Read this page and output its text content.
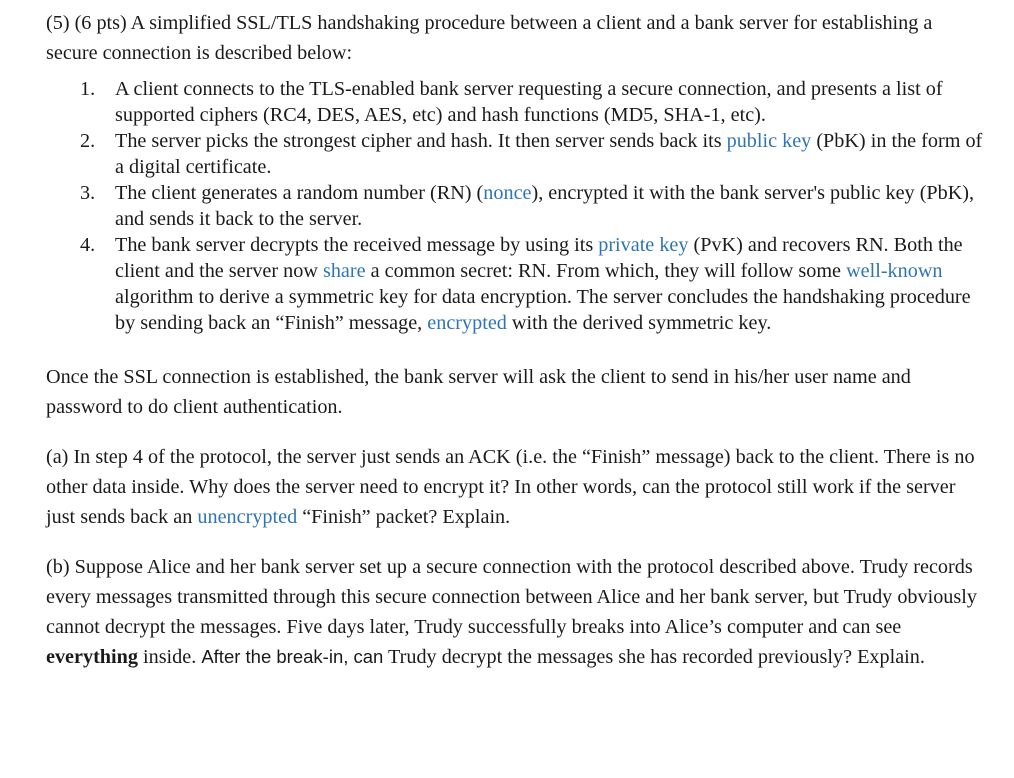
(5) (6 pts) A simplified SSL/TLS handshaking procedure between a client and a bank server for establishing a secure connection is described below:

1. A client connects to the TLS-enabled bank server requesting a secure connection, and presents a list of supported ciphers (RC4, DES, AES, etc) and hash functions (MD5, SHA-1, etc).
2. The server picks the strongest cipher and hash. It then server sends back its public key (PbK) in the form of a digital certificate.
3. The client generates a random number (RN) (nonce), encrypted it with the bank server's public key (PbK), and sends it back to the server.
4. The bank server decrypts the received message by using its private key (PvK) and recovers RN. Both the client and the server now share a common secret: RN. From which, they will follow some well-known algorithm to derive a symmetric key for data encryption. The server concludes the handshaking procedure by sending back an “Finish” message, encrypted with the derived symmetric key.

Once the SSL connection is established, the bank server will ask the client to send in his/her user name and password to do client authentication.

(a) In step 4 of the protocol, the server just sends an ACK (i.e. the “Finish” message) back to the client. There is no other data inside. Why does the server need to encrypt it? In other words, can the protocol still work if the server just sends back an unencrypted “Finish” packet? Explain.

(b) Suppose Alice and her bank server set up a secure connection with the protocol described above. Trudy records every messages transmitted through this secure connection between Alice and her bank server, but Trudy obviously cannot decrypt the messages. Five days later, Trudy successfully breaks into Alice’s computer and can see everything inside. After the break-in, can Trudy decrypt the messages she has recorded previously? Explain.
